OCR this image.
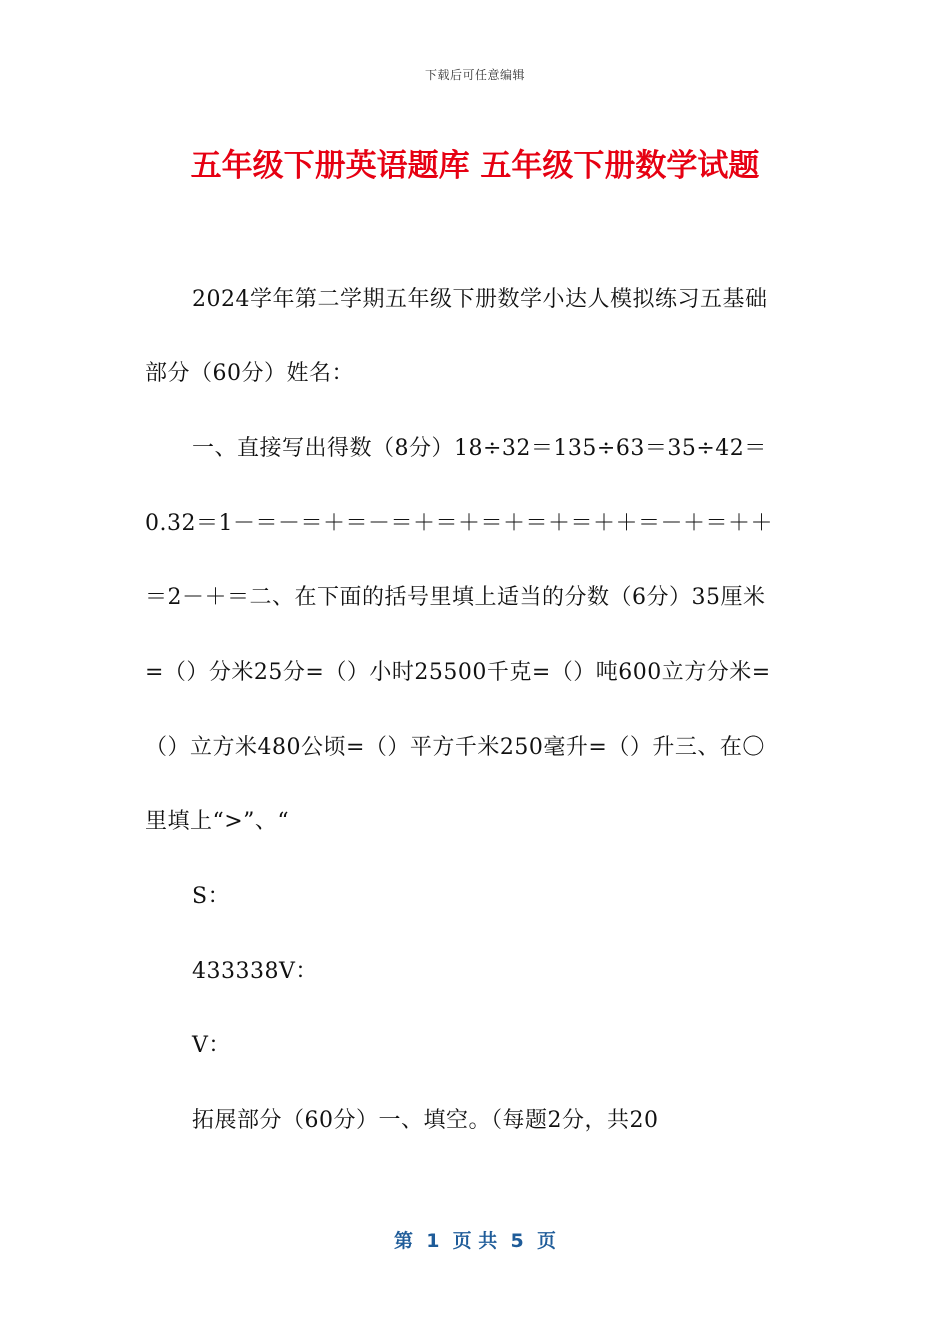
下载后可任意编辑
五年级下册英语题库 五年级下册数学试题
2024学年第二学期五年级下册数学小达人模拟练习五基础
部分（60分）姓名：
一、直接写出得数（8分）18÷32＝135÷63＝35÷42＝
0.32＝1－＝－＝＋＝－＝＋＝＋＝＋＝＋＝＋＋＝－＋＝＋＋
＝2－＋＝二、在下面的括号里填上适当的分数（6分）35厘米
=（）分米25分=（）小时25500千克=（）吨600立方分米=
（）立方米480公顷=（）平方千米250毫升=（）升三、在〇
里填上“>”、“
S：
433338V：
V：
拓展部分（60分）一、填空。（每题2分，共20
第  1  页 共  5  页
